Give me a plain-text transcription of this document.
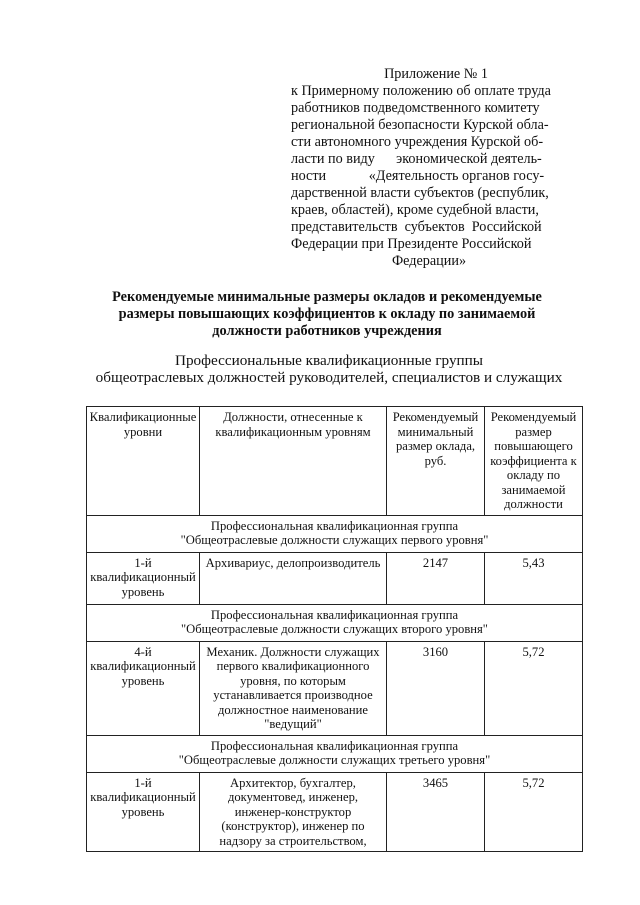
Приложение № 1
к Примерному положению об оплате труда
работников подведомственного комитету
региональной безопасности Курской обла-
сти автономного учреждения Курской об-
ласти по виду      экономической деятель-
ности            «Деятельность органов госу-
дарственной власти субъектов (республик,
краев, областей), кроме судебной власти,
представительств  субъектов  Российской
Федерации при Президенте Российской
Федерации»
Рекомендуемые минимальные размеры окладов и рекомендуемые размеры повышающих коэффициентов к окладу по занимаемой должности работников учреждения
Профессиональные квалификационные группы
общеотраслевых должностей руководителей, специалистов и служащих
Квалификационные уровни	Должности, отнесенные к квалификационным уровням	Рекомендуемый минимальный размер оклада, руб.	Рекомендуемый размер повышающего коэффициента к окладу по занимаемой должности

Профессиональная квалификационная группа
"Общеотраслевые должности служащих первого уровня"			

1-й квалификационный уровень	Архивариус, делопроизводитель	2147	5,43

Профессиональная квалификационная группа
"Общеотраслевые должности служащих второго уровня"			

4-й квалификационный уровень	Механик. Должности служащих первого квалификационного уровня, по которым устанавливается производное должностное наименование "ведущий"	3160	5,72

Профессиональная квалификационная группа
"Общеотраслевые должности служащих третьего уровня"			

1-й квалификационный уровень	Архитектор, бухгалтер, документовед, инженер, инженер-конструктор (конструктор), инженер по надзору за строительством,	3465	5,72
